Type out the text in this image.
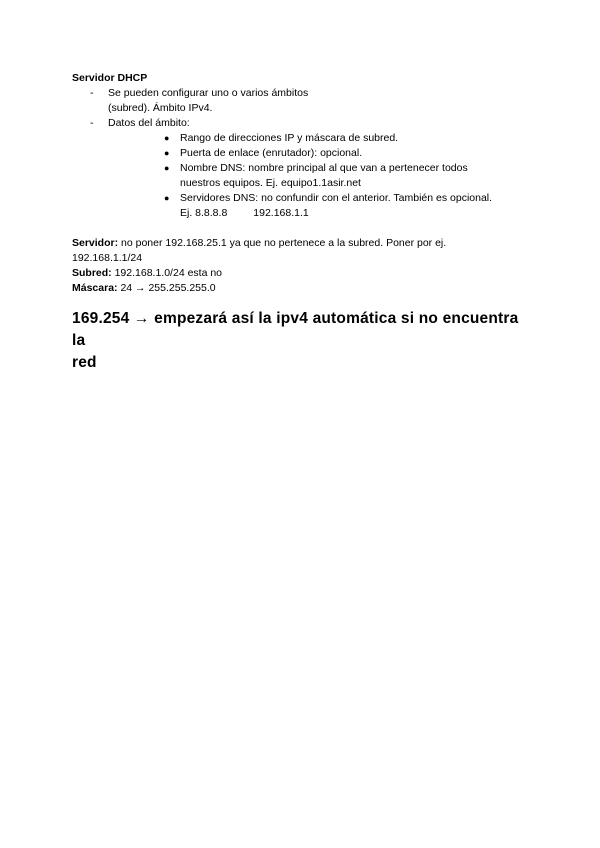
Servidor DHCP

- Se pueden configurar uno o varios ámbitos
(subred). Ámbito IPv4.
- Datos del ámbito:
● Rango de direcciones IP y máscara de subred.
● Puerta de enlace (enrutador): opcional.
● Nombre DNS: nombre principal al que van a pertenecer todos
nuestros equipos. Ej. equipo1.1asir.net
● Servidores DNS: no confundir con el anterior. También es opcional.
Ej. 8.8.8.8 192.168.1.1

Servidor: no poner 192.168.25.1 ya que no pertenece a la subred. Poner por ej.

192.168.1.1/24

Subred: 192.168.1.0/24 esta no

Máscara: 24 → 255.255.255.0

169.254 → empezará así la ipv4 automática si no encuentra la
red
